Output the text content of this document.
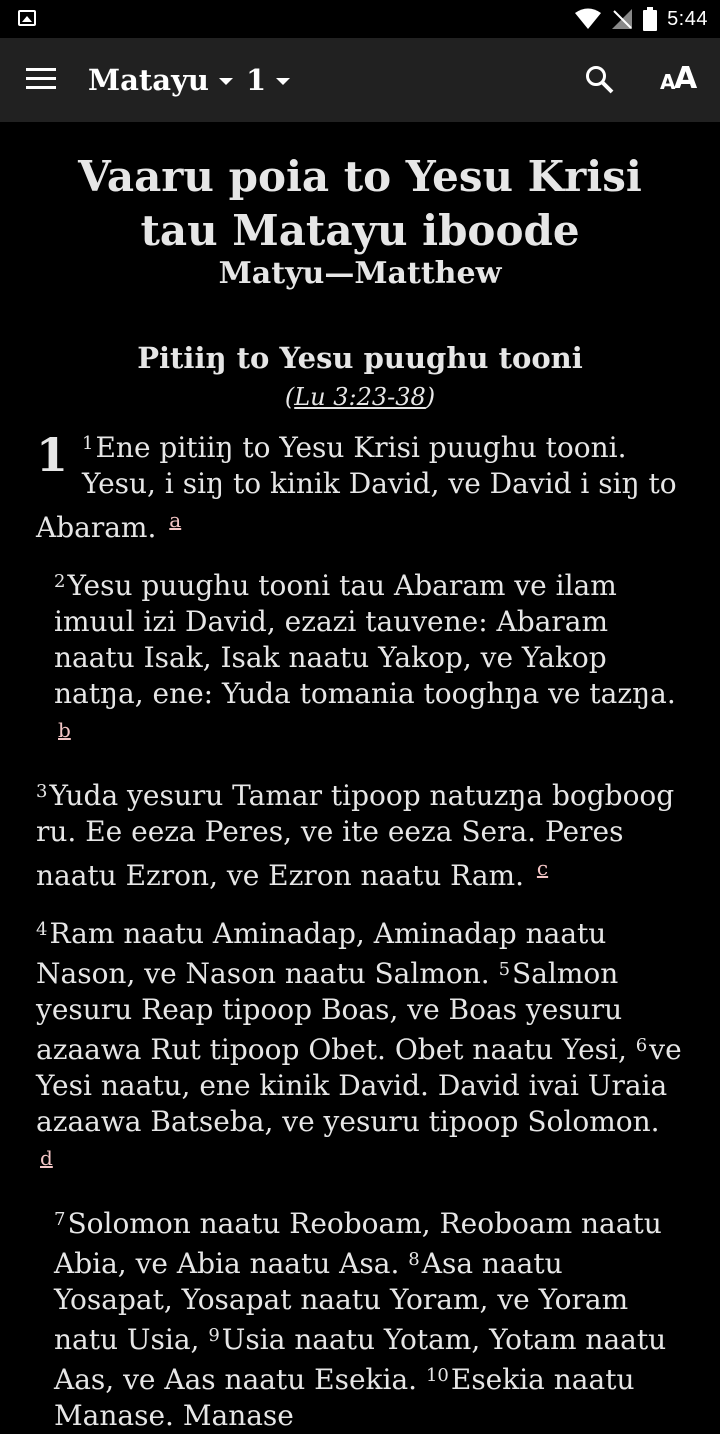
5:44
Matayu 1	A
A
Vaaru poia to Yesu Krisi tau Matayu iboode
Matyu—Matthew
Pitiiŋ to Yesu puughu tooni
(Lu 3:23-38)
1 $^1$Ene pitiiŋ to Yesu Krisi puughu tooni. Yesu, i siŋ to kinik David, ve David i siŋ to Abaram. $^a$
$^2$Yesu puughu tooni tau Abaram ve ilam imuul izi David, ezazi tauvene: Abaram naatu Isak, Isak naatu Yakop, ve Yakop natŋa, ene: Yuda tomania tooghŋa ve tazŋa. $^b$
$^3$Yuda yesuru Tamar tipoop natuzŋa bogboog ru. Ee eeza Peres, ve ite eeza Sera. Peres naatu Ezron, ve Ezron naatu Ram. $^c$
$^4$Ram naatu Aminadap, Aminadap naatu Nason, ve Nason naatu Salmon. $^5$Salmon yesuru Reap tipoop Boas, ve Boas yesuru azaawa Rut tipoop Obet. Obet naatu Yesi, $^6$ve Yesi naatu, ene kinik David. David ivai Uraia azaawa Batseba, ve yesuru tipoop Solomon. $^d$
$^7$Solomon naatu Reoboam, Reoboam naatu Abia, ve Abia naatu Asa. $^8$Asa naatu Yosapat, Yosapat naatu Yoram, ve Yoram natu Usia, $^9$Usia naatu Yotam, Yotam naatu Aas, ve Aas naatu Esekia. $^{10}$Esekia naatu Manase. Manase
